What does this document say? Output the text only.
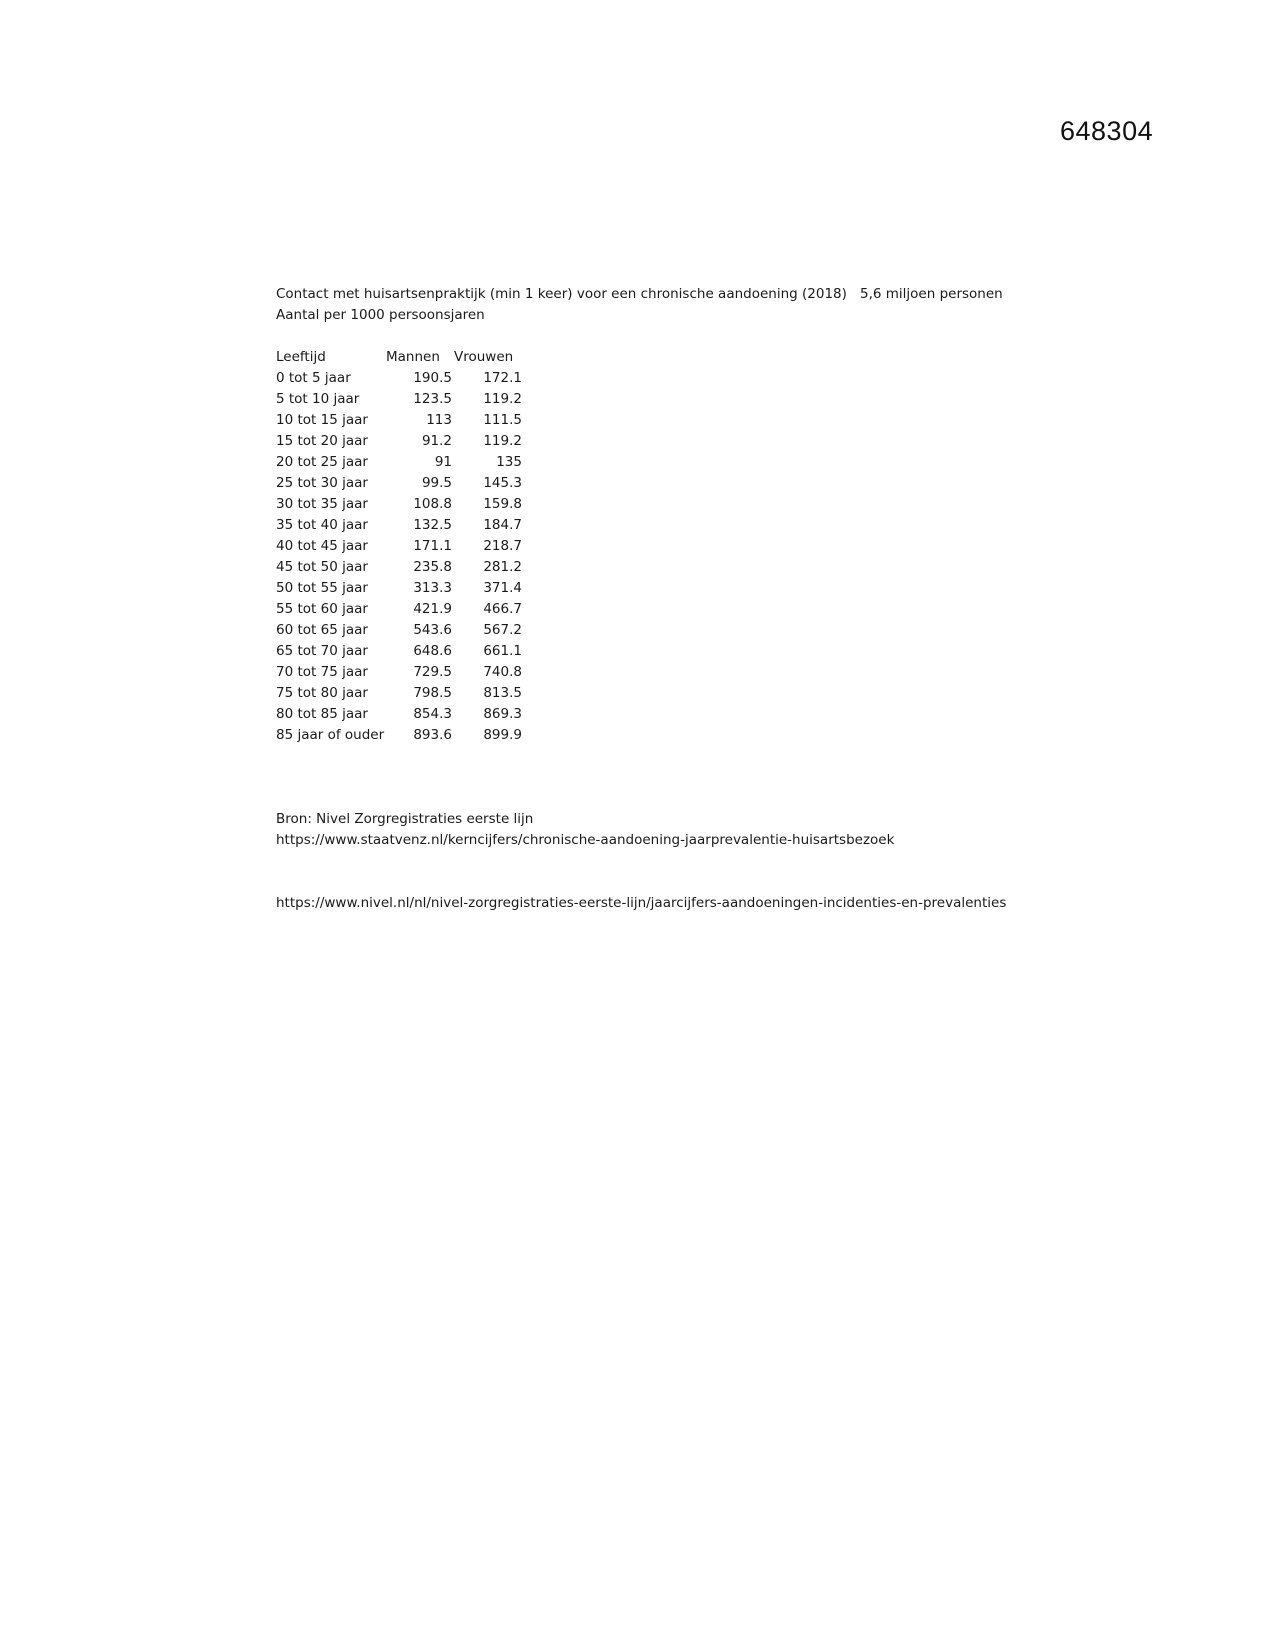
648304
Contact met huisartsenpraktijk (min 1 keer) voor een chronische aandoening (2018) 5,6 miljoen personen
Aantal per 1000 persoonsjaren
Leeftijd	Mannen	Vrouwen
0 tot 5 jaar	190.5	172.1
5 tot 10 jaar	123.5	119.2
10 tot 15 jaar	113	111.5
15 tot 20 jaar	91.2	119.2
20 tot 25 jaar	91	135
25 tot 30 jaar	99.5	145.3
30 tot 35 jaar	108.8	159.8
35 tot 40 jaar	132.5	184.7
40 tot 45 jaar	171.1	218.7
45 tot 50 jaar	235.8	281.2
50 tot 55 jaar	313.3	371.4
55 tot 60 jaar	421.9	466.7
60 tot 65 jaar	543.6	567.2
65 tot 70 jaar	648.6	661.1
70 tot 75 jaar	729.5	740.8
75 tot 80 jaar	798.5	813.5
80 tot 85 jaar	854.3	869.3
85 jaar of ouder	893.6	899.9
Bron: Nivel Zorgregistraties eerste lijn
https://www.staatvenz.nl/kerncijfers/chronische-aandoening-jaarprevalentie-huisartsbezoek
https://www.nivel.nl/nl/nivel-zorgregistraties-eerste-lijn/jaarcijfers-aandoeningen-incidenties-en-prevalenties
